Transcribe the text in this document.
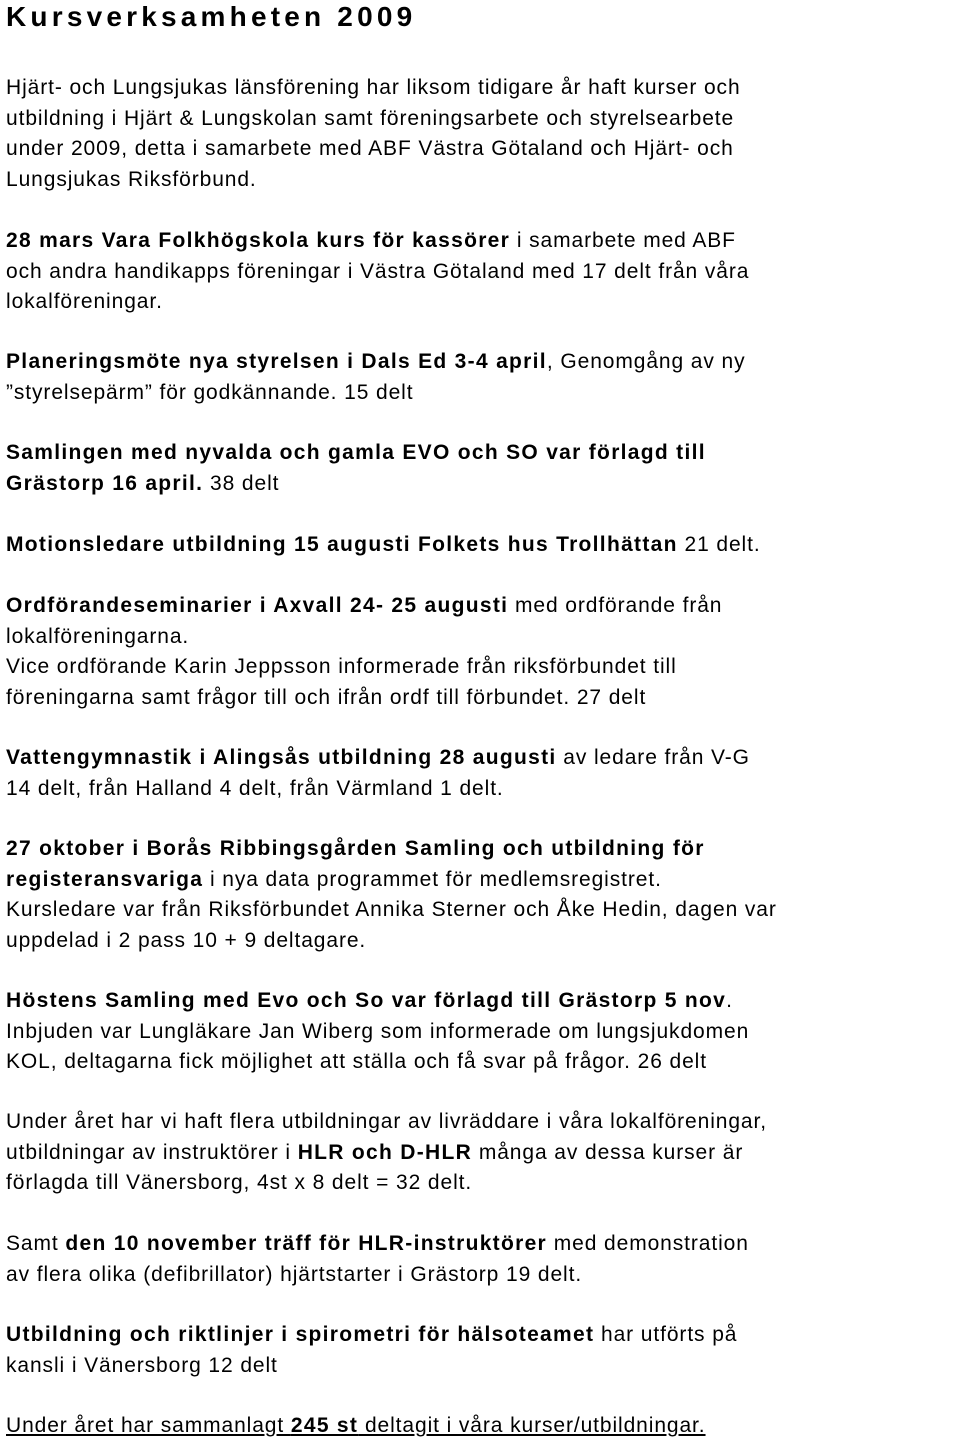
Kursverksamheten 2009
Hjärt- och Lungsjukas länsförening har liksom tidigare år haft kurser och
utbildning i Hjärt & Lungskolan samt föreningsarbete och styrelsearbete
under 2009, detta i samarbete med ABF Västra Götaland och Hjärt- och
Lungsjukas Riksförbund.
28 mars Vara Folkhögskola kurs för kassörer i samarbete med ABF
och andra handikapps föreningar i Västra Götaland med 17 delt från våra
lokalföreningar.
Planeringsmöte nya styrelsen i Dals Ed 3-4 april, Genomgång av ny
”styrelsepärm” för godkännande. 15 delt
Samlingen med nyvalda och gamla EVO och SO var förlagd till
Grästorp 16 april. 38 delt
Motionsledare utbildning 15 augusti Folkets hus Trollhättan 21 delt.
Ordförandeseminarier i Axvall 24- 25 augusti med ordförande från
lokalföreningarna.
Vice ordförande Karin Jeppsson informerade från riksförbundet till
föreningarna samt frågor till och ifrån ordf till förbundet. 27 delt
Vattengymnastik i Alingsås utbildning 28 augusti av ledare från V-G
14 delt, från Halland 4 delt, från Värmland 1 delt.
27 oktober i Borås Ribbingsgården Samling och utbildning för
registeransvariga i nya data programmet för medlemsregistret.
Kursledare var från Riksförbundet Annika Sterner och Åke Hedin, dagen var
uppdelad i 2 pass 10 + 9 deltagare.
Höstens Samling med Evo och So var förlagd till Grästorp 5 nov.
Inbjuden var Lungläkare Jan Wiberg som informerade om lungsjukdomen
KOL, deltagarna fick möjlighet att ställa och få svar på frågor. 26 delt
Under året har vi haft flera utbildningar av livräddare i våra lokalföreningar,
utbildningar av instruktörer i HLR och D-HLR många av dessa kurser är
förlagda till Vänersborg, 4st x 8 delt = 32 delt.
Samt den 10 november träff för HLR-instruktörer med demonstration
av flera olika (defibrillator) hjärtstarter i Grästorp 19 delt.
Utbildning och riktlinjer i spirometri för hälsoteamet har utförts på
kansli i Vänersborg 12 delt
Under året har sammanlagt 245 st deltagit i våra kurser/utbildningar.
